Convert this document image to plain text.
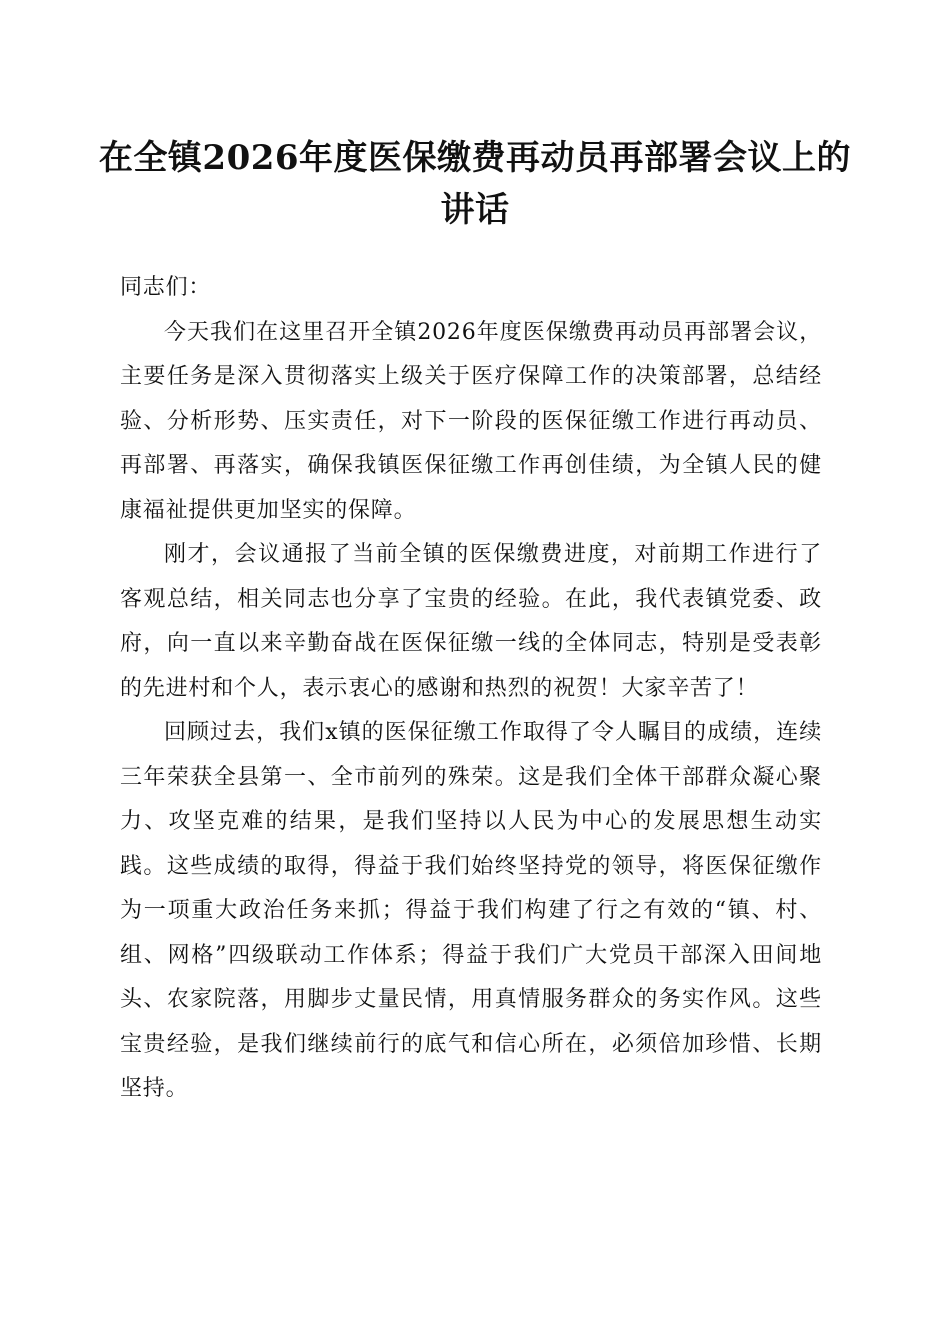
在全镇2026年度医保缴费再动员再部署会议上的讲话

同志们：

今天我们在这里召开全镇2026年度医保缴费再动员再部署会议，主要任务是深入贯彻落实上级关于医疗保障工作的决策部署，总结经验、分析形势、压实责任，对下一阶段的医保征缴工作进行再动员、再部署、再落实，确保我镇医保征缴工作再创佳绩，为全镇人民的健康福祉提供更加坚实的保障。

刚才，会议通报了当前全镇的医保缴费进度，对前期工作进行了客观总结，相关同志也分享了宝贵的经验。在此，我代表镇党委、政府，向一直以来辛勤奋战在医保征缴一线的全体同志，特别是受表彰的先进村和个人，表示衷心的感谢和热烈的祝贺！大家辛苦了！

回顾过去，我们x镇的医保征缴工作取得了令人瞩目的成绩，连续三年荣获全县第一、全市前列的殊荣。这是我们全体干部群众凝心聚力、攻坚克难的结果，是我们坚持以人民为中心的发展思想生动实践。这些成绩的取得，得益于我们始终坚持党的领导，将医保征缴作为一项重大政治任务来抓；得益于我们构建了行之有效的“镇、村、组、网格”四级联动工作体系；得益于我们广大党员干部深入田间地头、农家院落，用脚步丈量民情，用真情服务群众的务实作风。这些宝贵经验，是我们继续前行的底气和信心所在，必须倍加珍惜、长期坚持。
